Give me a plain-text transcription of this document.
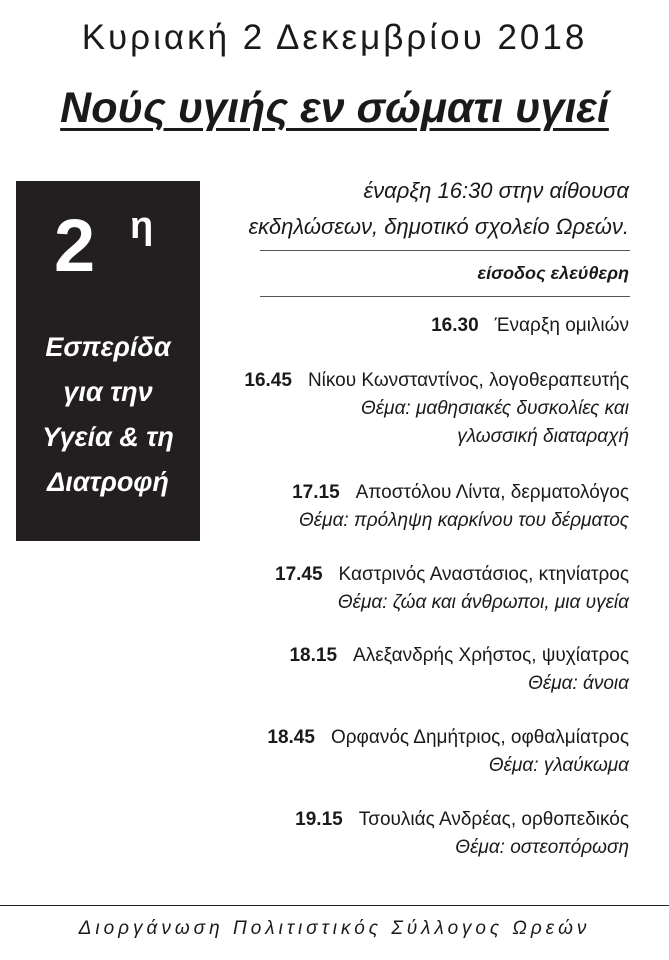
Κυριακή 2 Δεκεμβρίου 2018
Νούς υγιής εν σώματι υγιεί
2 η
Εσπερίδα
για την
Υγεία & τη
Διατροφή
έναρξη 16:30 στην αίθουσα
εκδηλώσεων, δημοτικό σχολείο Ωρεών.
είσοδος ελεύθερη
16.30 Έναρξη ομιλιών
16.45 Νίκου Κωνσταντίνος, λογοθεραπευτής
Θέμα: μαθησιακές δυσκολίες και
γλωσσική διαταραχή
17.15 Αποστόλου Λίντα, δερματολόγος
Θέμα: πρόληψη καρκίνου του δέρματος
17.45 Καστρινός Αναστάσιος, κτηνίατρος
Θέμα: ζώα και άνθρωποι, μια υγεία
18.15 Αλεξανδρής Χρήστος, ψυχίατρος
Θέμα: άνοια
18.45 Ορφανός Δημήτριος, οφθαλμίατρος
Θέμα: γλαύκωμα
19.15 Τσουλιάς Ανδρέας, ορθοπεδικός
Θέμα: οστεοπόρωση
Διοργάνωση Πολιτιστικός Σύλλογος Ωρεών
